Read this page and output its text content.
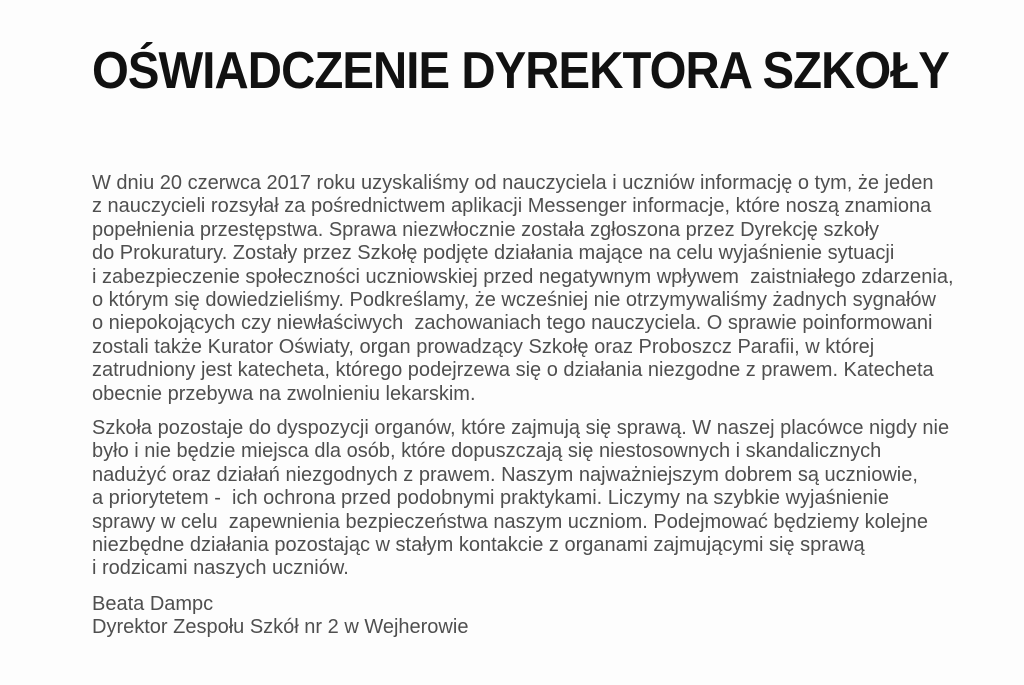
OŚWIADCZENIE DYREKTORA SZKOŁY
W dniu 20 czerwca 2017 roku uzyskaliśmy od nauczyciela i uczniów informację o tym, że jeden
z nauczycieli rozsyłał za pośrednictwem aplikacji Messenger informacje, które noszą znamiona
popełnienia przestępstwa. Sprawa niezwłocznie została zgłoszona przez Dyrekcję szkoły
do Prokuratury. Zostały przez Szkołę podjęte działania mające na celu wyjaśnienie sytuacji
i zabezpieczenie społeczności uczniowskiej przed negatywnym wpływem  zaistniałego zdarzenia,
o którym się dowiedzieliśmy. Podkreślamy, że wcześniej nie otrzymywaliśmy żadnych sygnałów
o niepokojących czy niewłaściwych  zachowaniach tego nauczyciela. O sprawie poinformowani
zostali także Kurator Oświaty, organ prowadzący Szkołę oraz Proboszcz Parafii, w której
zatrudniony jest katecheta, którego podejrzewa się o działania niezgodne z prawem. Katecheta
obecnie przebywa na zwolnieniu lekarskim.
Szkoła pozostaje do dyspozycji organów, które zajmują się sprawą. W naszej placówce nigdy nie
było i nie będzie miejsca dla osób, które dopuszczają się niestosownych i skandalicznych
nadużyć oraz działań niezgodnych z prawem. Naszym najważniejszym dobrem są uczniowie,
a priorytetem -  ich ochrona przed podobnymi praktykami. Liczymy na szybkie wyjaśnienie
sprawy w celu  zapewnienia bezpieczeństwa naszym uczniom. Podejmować będziemy kolejne
niezbędne działania pozostając w stałym kontakcie z organami zajmującymi się sprawą
i rodzicami naszych uczniów.
Beata Dampc
Dyrektor Zespołu Szkół nr 2 w Wejherowie
